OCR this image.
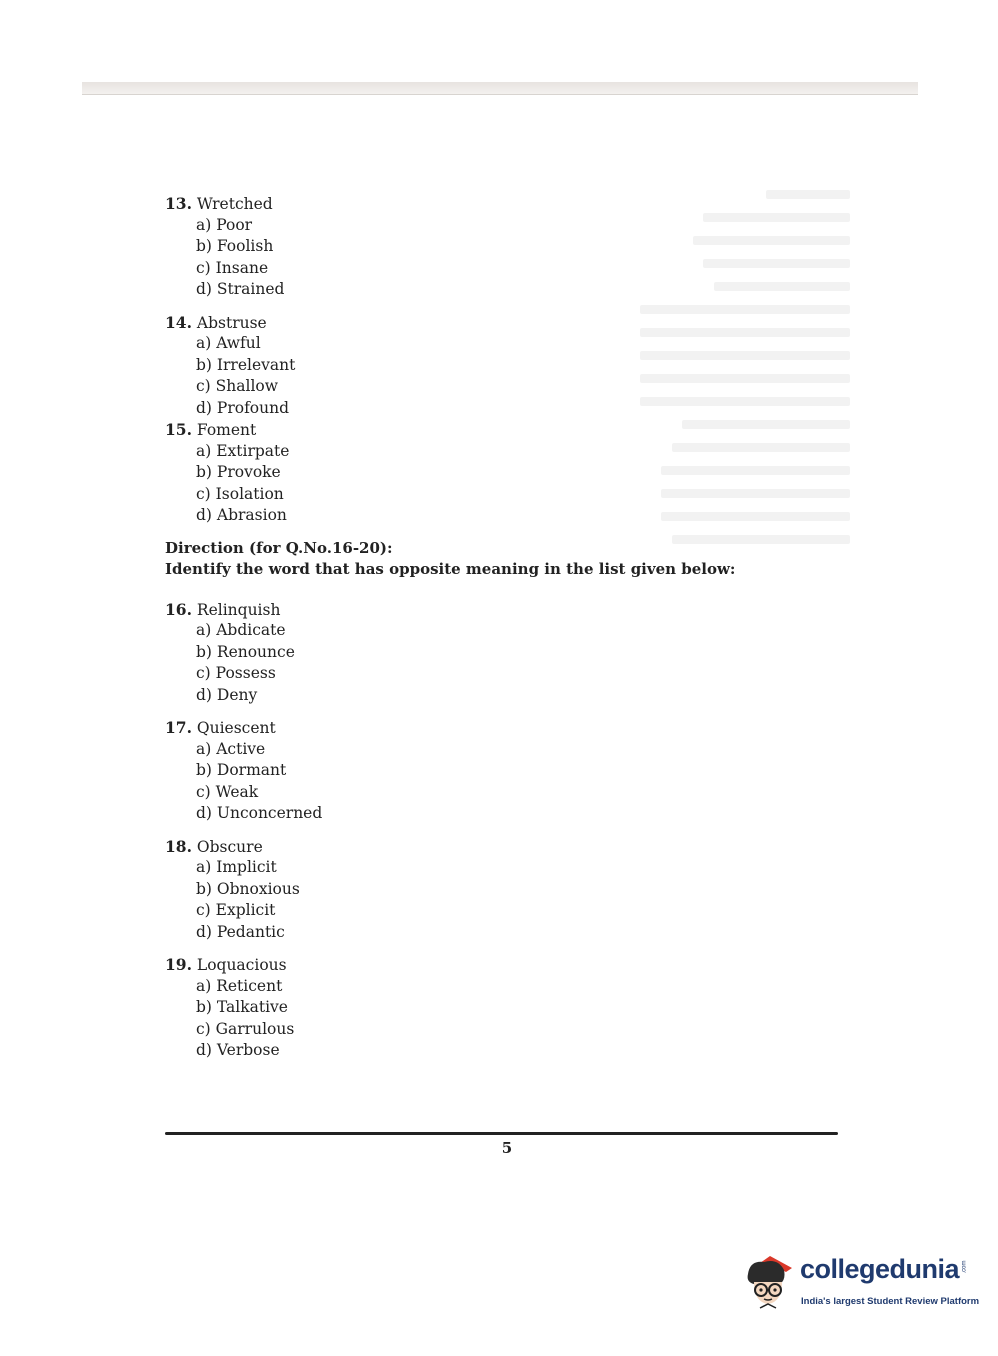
13. Wretched
a) Poor
b) Foolish
c) Insane
d) Strained
14. Abstruse
a) Awful
b) Irrelevant
c) Shallow
d) Profound
15. Foment
a) Extirpate
b) Provoke
c) Isolation
d) Abrasion
Direction (for Q.No.16-20):
Identify the word that has opposite meaning in the list given below:
16. Relinquish
a) Abdicate
b) Renounce
c) Possess
d) Deny
17. Quiescent
a) Active
b) Dormant
c) Weak
d) Unconcerned
18. Obscure
a) Implicit
b) Obnoxious
c) Explicit
d) Pedantic
19. Loquacious
a) Reticent
b) Talkative
c) Garrulous
d) Verbose
5
collegedunia .com
India's largest Student Review Platform
